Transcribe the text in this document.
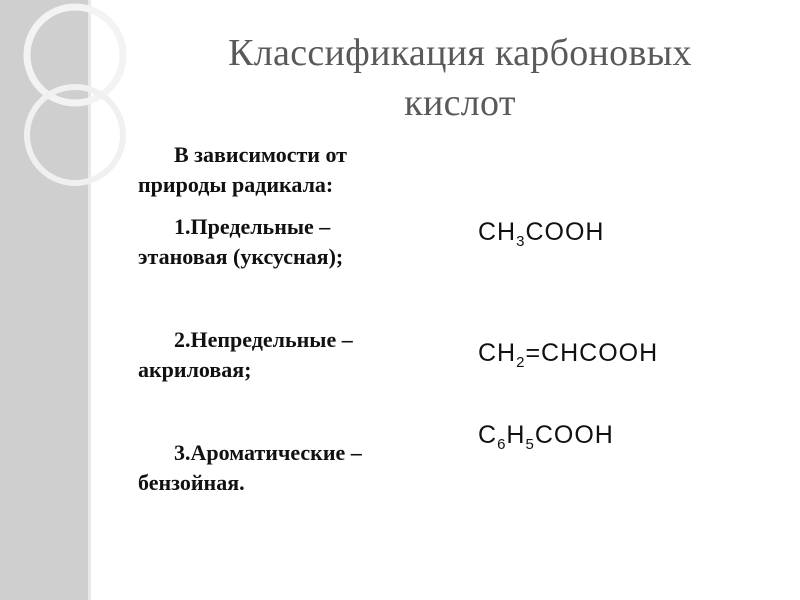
Классификация карбоновых
кислот
В зависимости от
природы радикала:
1.Предельные –
этановая (уксусная);
2.Непредельные –
акриловая;
3.Ароматические –
бензойная.
$CH_3COOH$
$CH_2=CHCOOH$
$C_6H_5COOH$
